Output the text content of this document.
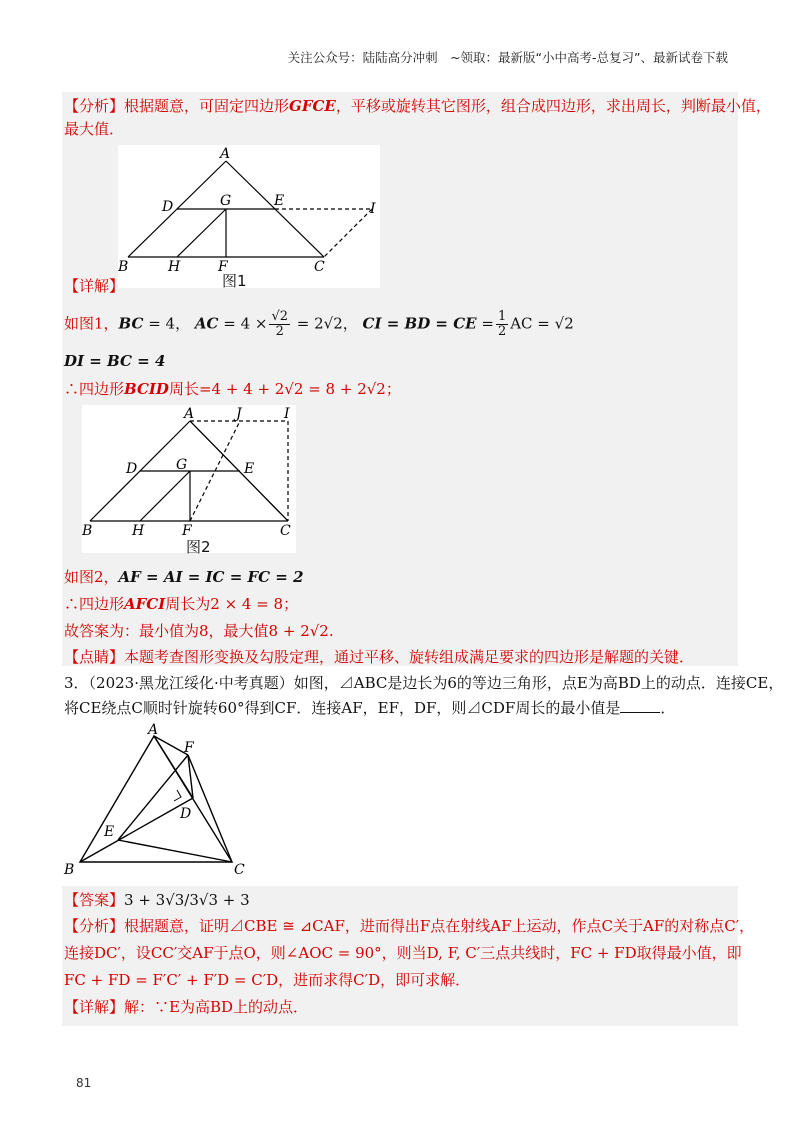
关注公众号：陆陆高分冲刺　~领取：最新版“小中高考-总复习”、最新试卷下载
【分析】根据题意，可固定四边形GFCE，平移或旋转其它图形，组合成四边形，求出周长，判断最小值，
最大值．
A
D	G	E	I
B	H	F	C
图1
【详解】
如图1，BC = 4， AC = $4 \times \frac{√2}{2} = 2√2$， CI = BD = CE = $\frac{1}{2}$ AC = √2
DI = BC = 4
∴四边形BCID周长=4 + 4 + 2√2 = 8 + 2√2；
A	J	I
D	G	E
B	H	F	C
图2
如图2，AF = AI = IC = FC = 2
∴四边形AFCI周长为2 × 4 = 8；
故答案为：最小值为8，最大值8 + 2√2.
【点睛】本题考查图形变换及勾股定理，通过平移、旋转组成满足要求的四边形是解题的关键．
3．（2023·黑龙江绥化·中考真题）如图，⊿ABC是边长为6的等边三角形，点E为高BD上的动点．连接CE，
将CE绕点C顺时针旋转60°得到CF．连接AF，EF，DF，则⊿CDF周长的最小值是	．
A
F
D
E
B	C
【答案】3 + 3√3/3√3 + 3
【分析】根据题意，证明⊿CBE ≅ ⊿CAF，进而得出F点在射线AF上运动，作点C关于AF的对称点C′，
连接DC′，设CC′交AF于点O，则∠AOC = 90°，则当D, F, C′三点共线时，FC + FD取得最小值，即
FC + FD = F′C′ + F′D = C′D，进而求得C′D，即可求解．
【详解】解：∵E为高BD上的动点．
81
